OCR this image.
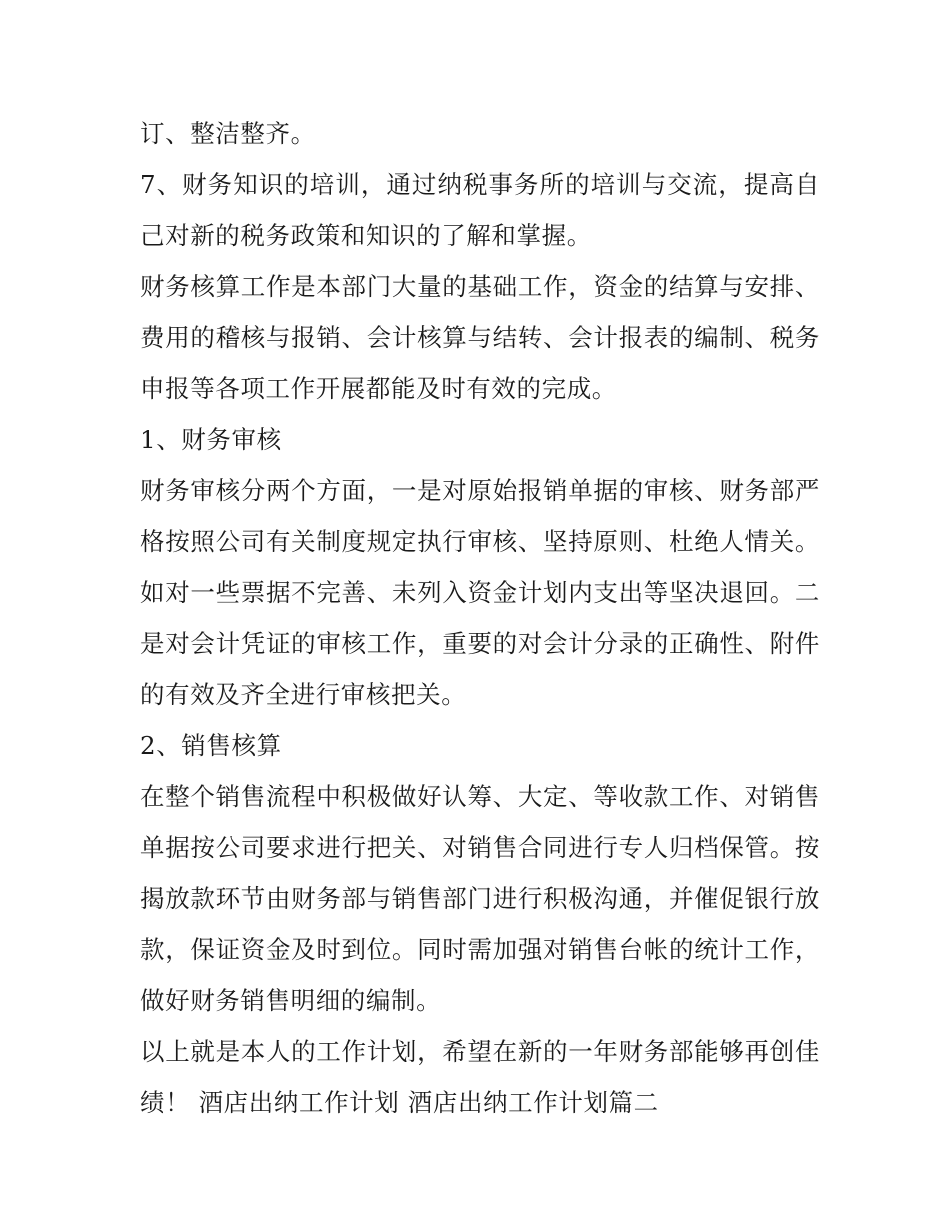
订、整洁整齐。

7、财务知识的培训，通过纳税事务所的培训与交流，提高自己对新的税务政策和知识的了解和掌握。

财务核算工作是本部门大量的基础工作，资金的结算与安排、费用的稽核与报销、会计核算与结转、会计报表的编制、税务申报等各项工作开展都能及时有效的完成。

1、财务审核

财务审核分两个方面，一是对原始报销单据的审核、财务部严格按照公司有关制度规定执行审核、坚持原则、杜绝人情关。如对一些票据不完善、未列入资金计划内支出等坚决退回。二是对会计凭证的审核工作，重要的对会计分录的正确性、附件的有效及齐全进行审核把关。

2、销售核算

在整个销售流程中积极做好认筹、大定、等收款工作、对销售单据按公司要求进行把关、对销售合同进行专人归档保管。按揭放款环节由财务部与销售部门进行积极沟通，并催促银行放款，保证资金及时到位。同时需加强对销售台帐的统计工作，做好财务销售明细的编制。

以上就是本人的工作计划，希望在新的一年财务部能够再创佳绩！ 酒店出纳工作计划 酒店出纳工作计划篇二
